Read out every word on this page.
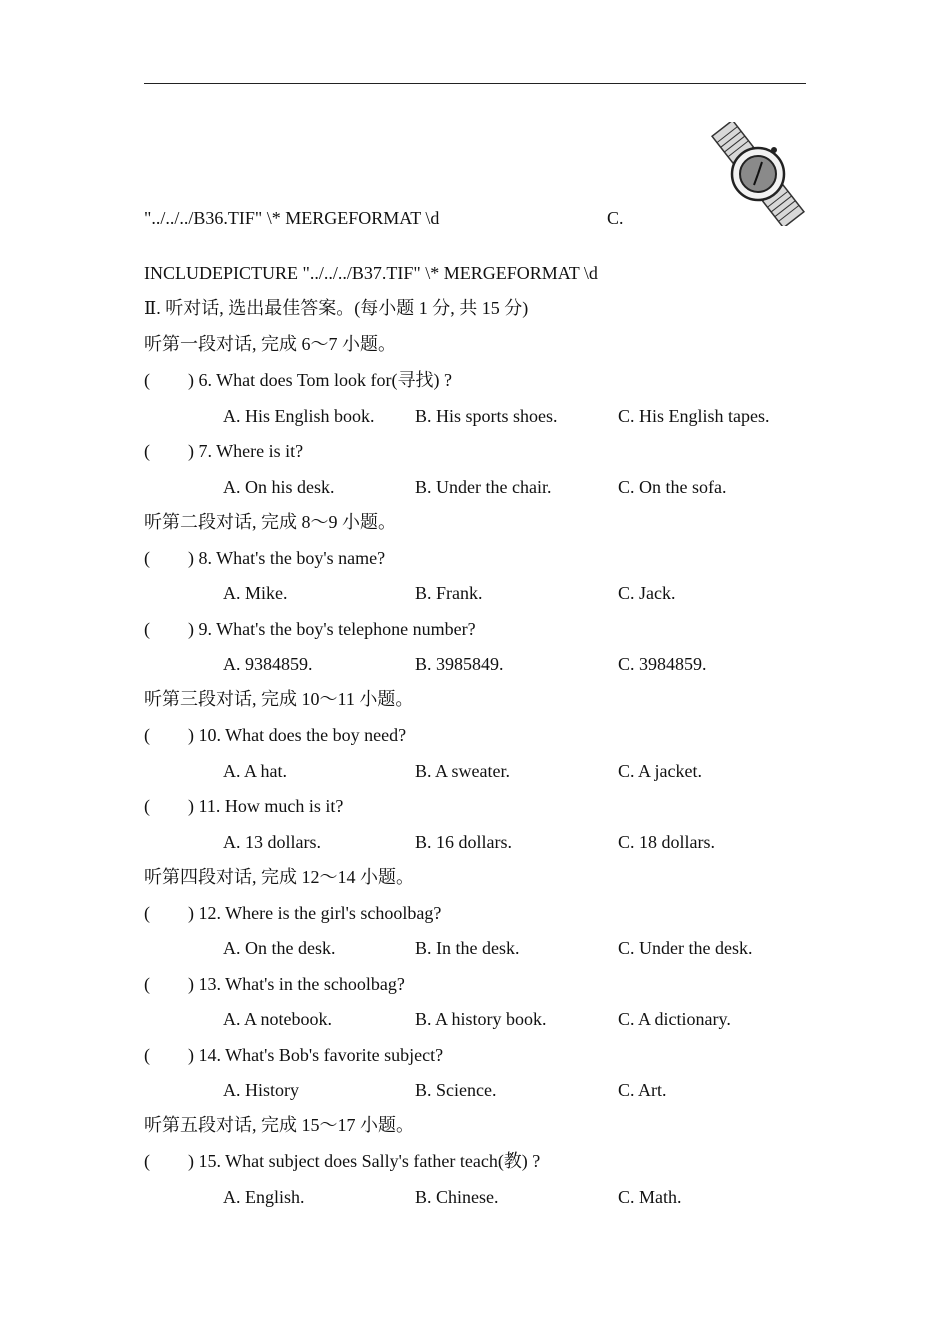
"../../../B36.TIF" \* MERGEFORMAT \d	C.
INCLUDEPICTURE "../../../B37.TIF" \* MERGEFORMAT \d
Ⅱ. 听对话, 选出最佳答案。(每小题 1 分, 共 15 分)
听第一段对话, 完成 6～7 小题。
( ) 6. What does Tom look for(寻找) ?
A. His English book. B. His sports shoes.	C. His English tapes.
( ) 7. Where is it?
A. On his desk.	B. Under the chair.	C. On the sofa.
听第二段对话, 完成 8～9 小题。
( ) 8. What's the boy's name?
A. Mike.	B. Frank.	C. Jack.
( ) 9. What's the boy's telephone number?
A. 9384859.	B. 3985849.	C. 3984859.
听第三段对话, 完成 10～11 小题。
( ) 10. What does the boy need?
A. A hat.	B. A sweater.	C. A jacket.
( ) 11. How much is it?
A. 13 dollars.	B. 16 dollars.	C. 18 dollars.
听第四段对话, 完成 12～14 小题。
( ) 12. Where is the girl's schoolbag?
A. On the desk.	B. In the desk.	C. Under the desk.
( ) 13. What's in the schoolbag?
A. A notebook.	B. A history book.	C. A dictionary.
( ) 14. What's Bob's favorite subject?
A. History	B. Science.	C. Art.
听第五段对话, 完成 15～17 小题。
( ) 15. What subject does Sally's father teach(教) ?
A. English.	B. Chinese.	C. Math.
